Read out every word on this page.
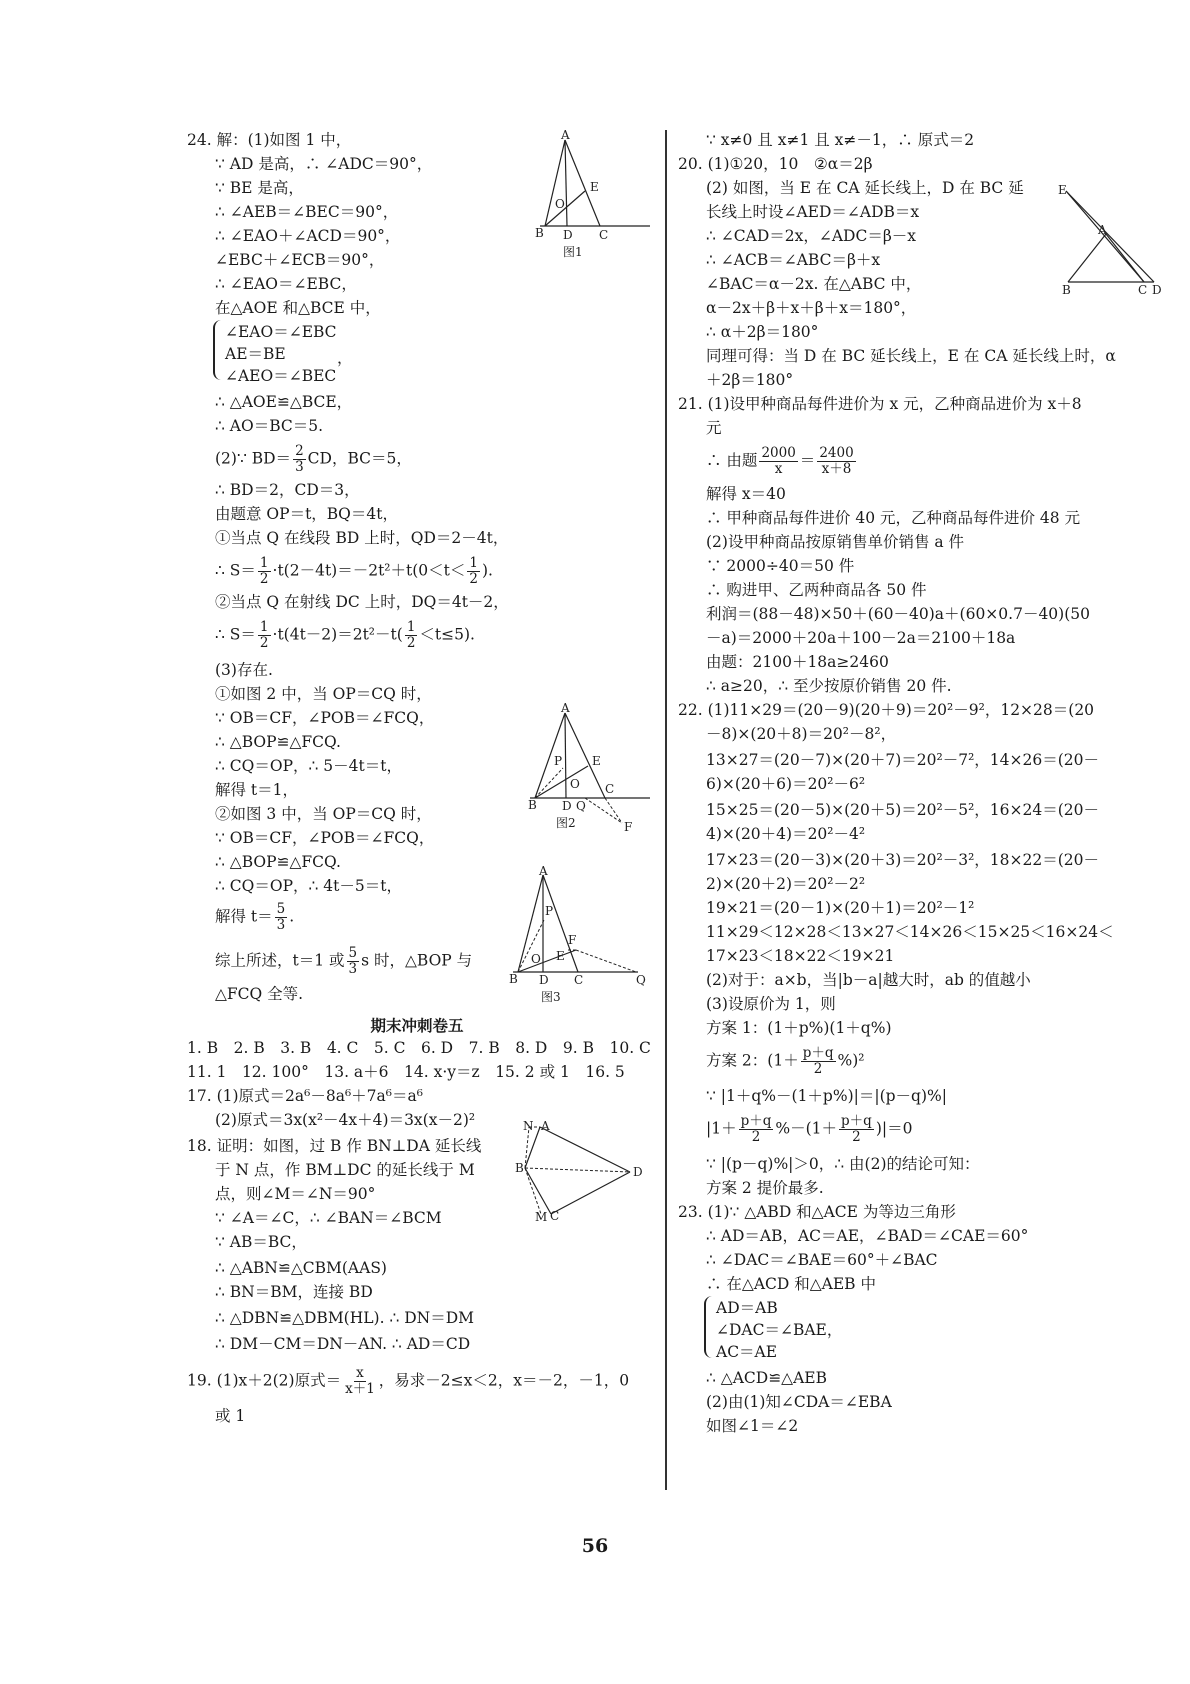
24. 解：(1)如图 1 中，
∵ AD 是高，∴ ∠ADC＝90°，
∵ BE 是高，
∴ ∠AEB＝∠BEC＝90°，
∴ ∠EAO＋∠ACD＝90°，
∠EBC＋∠ECB＝90°，
∴ ∠EAO＝∠EBC，
在△AOE 和△BCE 中，
∠EAO＝∠EBC
AE＝BE	，
∠AEO＝∠BEC
∴ △AOE≌△BCE，
∴ AO＝BC＝5.
(2)∵ $BD= \frac{2}{3}$ CD，BC＝5，
∴ BD＝2，CD＝3，
由题意 OP＝t，BQ＝4t，
①当点 Q 在线段 BD 上时，QD＝2－4t，
∴ $S= \frac{1}{2} \cdot t(2-4t)=-2t^2+t(0<t< \frac{1}{2}$ ).
②当点 Q 在射线 DC 上时，DQ＝4t－2，
∴ $S= \frac{1}{2} \cdot t(4t-2)=2t^2-t( \frac{1}{2} <t\le 5)$.
(3)存在.
①如图 2 中，当 OP＝CQ 时，
∵ OB＝CF，∠POB＝∠FCQ，
∴ △BOP≌△FCQ.
∴ CQ＝OP，∴ 5－4t＝t，
解得 t＝1，
②如图 3 中，当 OP＝CQ 时，
∵ OB＝CF，∠POB＝∠FCQ，
∴ △BOP≌△FCQ.
∴ CQ＝OP，∴ 4t－5＝t，
解得 $t= \frac{5}{3}$ .
综上所述，t＝1 或 $\frac{5}{3}$ s 时，△BOP 与
△FCQ 全等.
期末冲刺卷五
1. B　2. B　3. B　4. C　5. C　6. D　7. B　8. D　9. B　10. C
11. 1　12. 100°　13. a＋6　14. x·y＝z　15. 2 或 1　16. 5
17. (1)原式＝2a⁶－8a⁶＋7a⁶＝a⁶
(2)原式＝3x(x²－4x＋4)＝3x(x－2)²
18. 证明：如图，过 B 作 BN⊥DA 延长线
于 N 点，作 BM⊥DC 的延长线于 M
点，则∠M＝∠N＝90°
∵ ∠A＝∠C，∴ ∠BAN＝∠BCM
∵ AB＝BC，
∴ △ABN≌△CBM(AAS)
∴ BN＝BM，连接 BD
∴ △DBN≌△DBM(HL). ∴ DN＝DM
∴ DM－CM＝DN－AN. ∴ AD＝CD
19. (1)x＋2(2)原式＝ $\frac{x}{x+1}$ ，易求－2≤x＜2，x＝－2，－1，0
或 1
A
E
O
B D C
图1
A
P E
O
B D Q
C
F
图2
A
P
F
E
O
B D C	Q
图3
N A
B	D
M C
∵ x≠0 且 x≠1 且 x≠－1，∴ 原式＝2
20. (1)①20，10　②α＝2β
(2) 如图，当 E 在 CA 延长线上，D 在 BC 延
长线上时设∠AED＝∠ADB＝x
∴ ∠CAD＝2x，∠ADC＝β－x
∴ ∠ACB＝∠ABC＝β＋x
∠BAC＝α－2x. 在△ABC 中，
α－2x＋β＋x＋β＋x＝180°，
∴ α＋2β＝180°
同理可得：当 D 在 BC 延长线上，E 在 CA 延长线上时，α
＋2β＝180°
21. (1)设甲种商品每件进价为 x 元，乙种商品进价为 x＋8
元
∴ 由题 $\frac{2000}{x} = \frac{2400}{x+8}$
解得 x＝40
∴ 甲种商品每件进价 40 元，乙种商品每件进价 48 元
(2)设甲种商品按原销售单价销售 a 件
∵ 2000÷40＝50 件
∴ 购进甲、乙两种商品各 50 件
利润＝(88－48)×50＋(60－40)a＋(60×0.7－40)(50
－a)＝2000＋20a＋100－2a＝2100＋18a
由题：2100＋18a≥2460
∴ a≥20，∴ 至少按原价销售 20 件.
22. (1)11×29＝(20－9)(20＋9)＝20²－9²，12×28＝(20
－8)×(20＋8)＝20²－8²，
13×27＝(20－7)×(20＋7)＝20²－7²，14×26＝(20－
6)×(20＋6)＝20²－6²
15×25＝(20－5)×(20＋5)＝20²－5²，16×24＝(20－
4)×(20＋4)＝20²－4²
17×23＝(20－3)×(20＋3)＝20²－3²，18×22＝(20－
2)×(20＋2)＝20²－2²
19×21＝(20－1)×(20＋1)＝20²－1²
11×29＜12×28＜13×27＜14×26＜15×25＜16×24＜
17×23＜18×22＜19×21
(2)对于：a×b，当|b－a|越大时，ab 的值越小
(3)设原价为 1，则
方案 1：(1＋p%)(1＋q%)
方案 2：$(1+ \frac{p+q}{2} \%)^2$
∵ |1＋q%－(1＋p%)|＝|(p－q)%|
$|1+ \frac{p+q}{2} \%-(1+ \frac{p+q}{2} )|=0$
∵ |(p－q)%|＞0，∴ 由(2)的结论可知：
方案 2 提价最多.
23. (1)∵ △ABD 和△ACE 为等边三角形
∴ AD＝AB，AC＝AE，∠BAD＝∠CAE＝60°
∴ ∠DAC＝∠BAE＝60°＋∠BAC
∴ 在△ACD 和△AEB 中
AD＝AB
∠DAC＝∠BAE，
AC＝AE
∴ △ACD≌△AEB
(2)由(1)知∠CDA＝∠EBA
如图∠1＝∠2
E
A
B	C D
56
